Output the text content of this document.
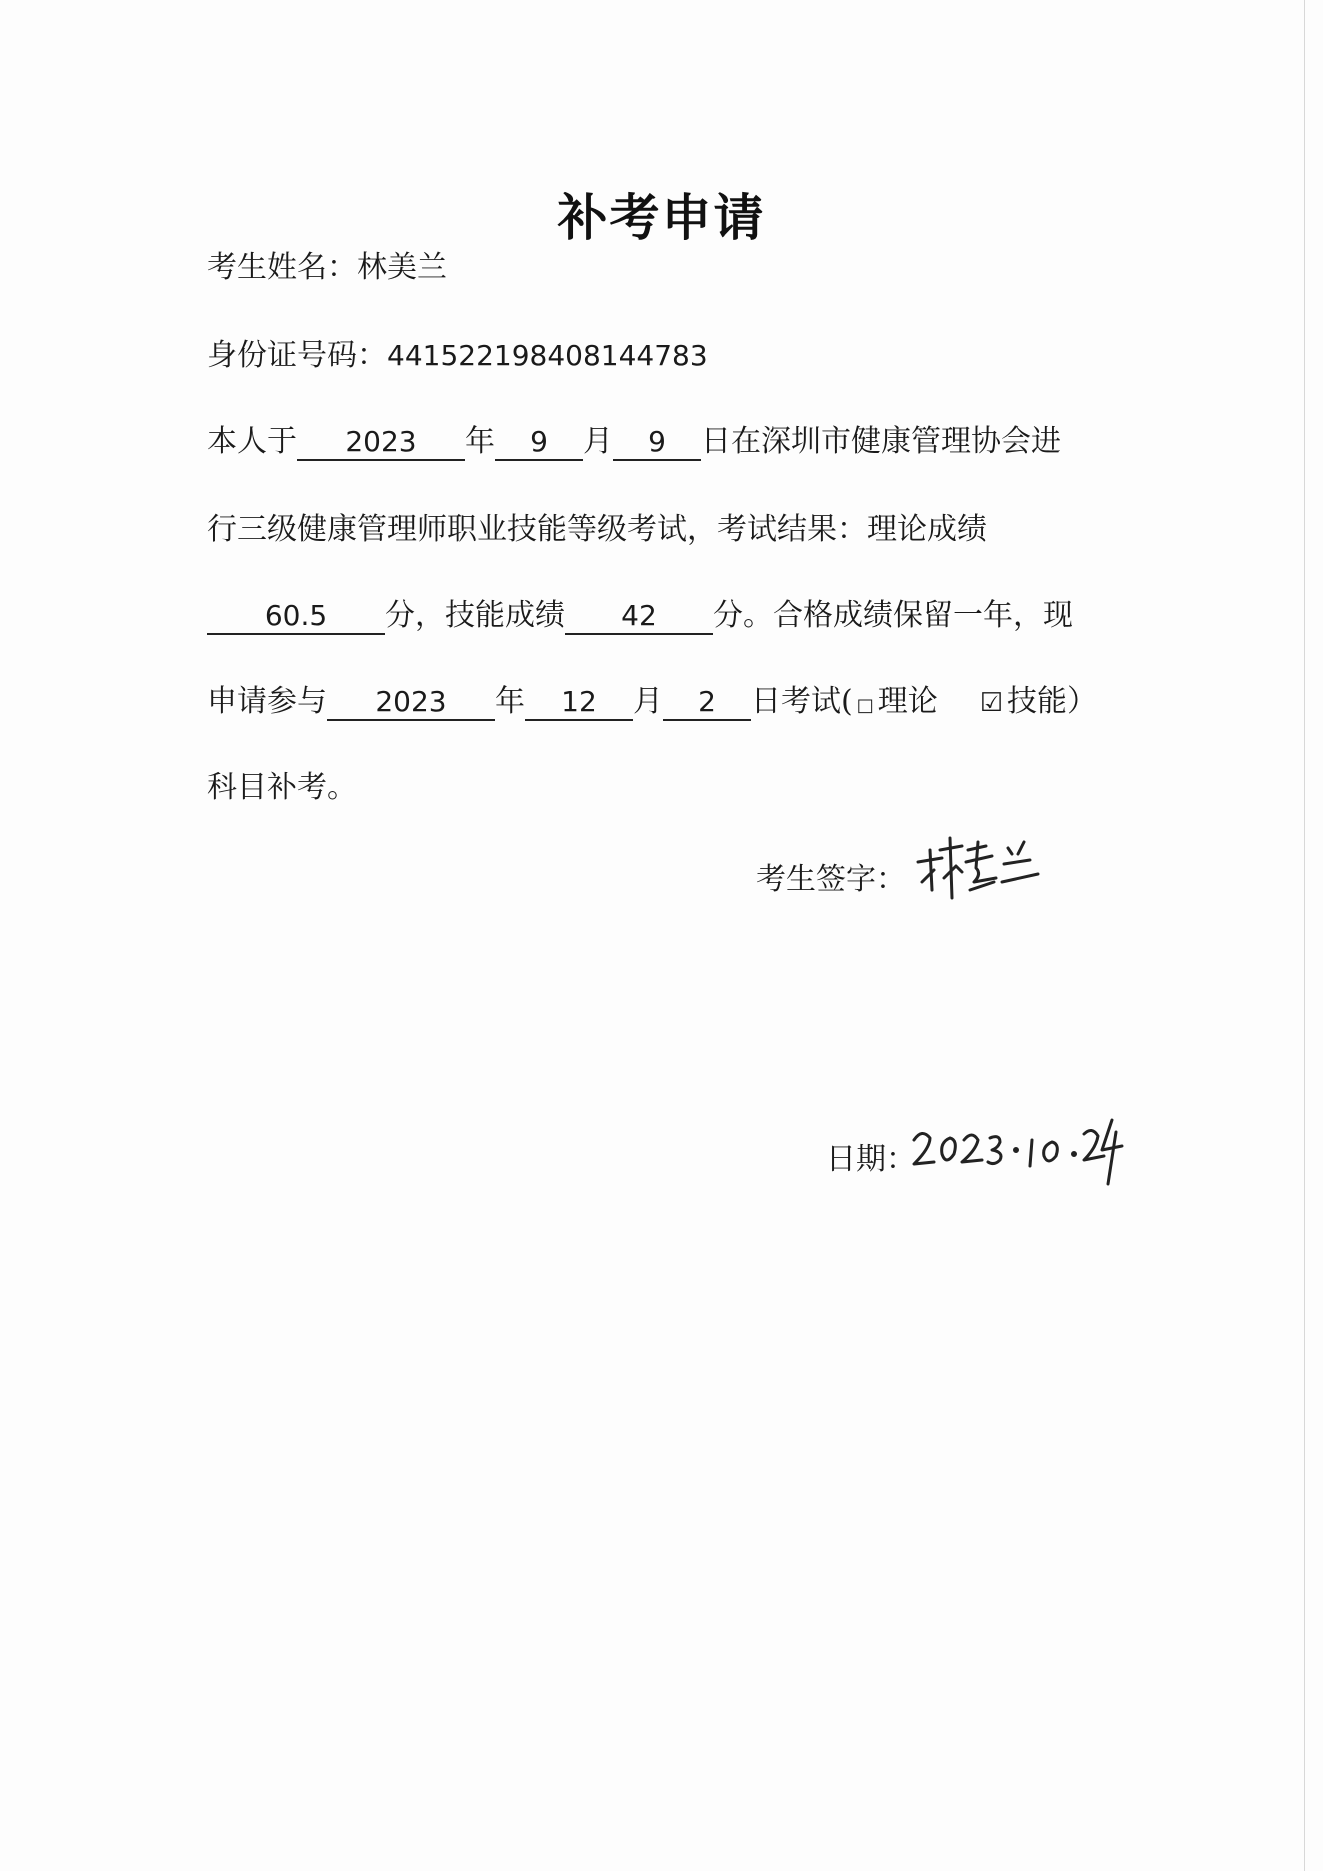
补考申请
考生姓名：林美兰
身份证号码：441522198408144783
本人于 2023 年 9 月 9 日在深圳市健康管理协会进
行三级健康管理师职业技能等级考试，考试结果：理论成绩
60.5 分，技能成绩 42 分。合格成绩保留一年，现
申请参与 2023 年 12 月 2 日考试( □ 理论 ☑ 技能）
科目补考。
考生签字：
日期：
